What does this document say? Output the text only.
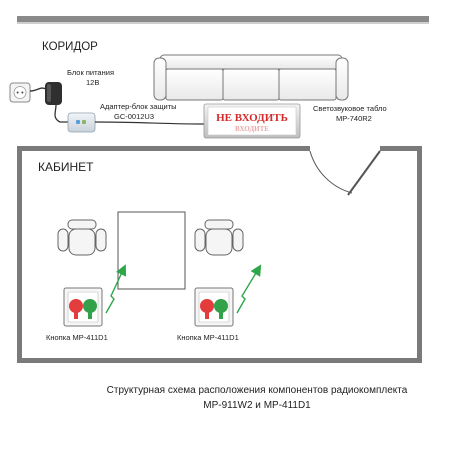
КОРИДОР
Блок питания 12В
Адаптер-блок защиты GC-0012U3	НЕ ВХОДИТЬ
ВХОДИТЕ
Светозвуковое табло МР-740R2
КАБИНЕТ
Кнопка МР-411D1	Кнопка МР-411D1
Структурная схема расположения компонентов радиокомплекта
МР-911W2 и МР-411D1
